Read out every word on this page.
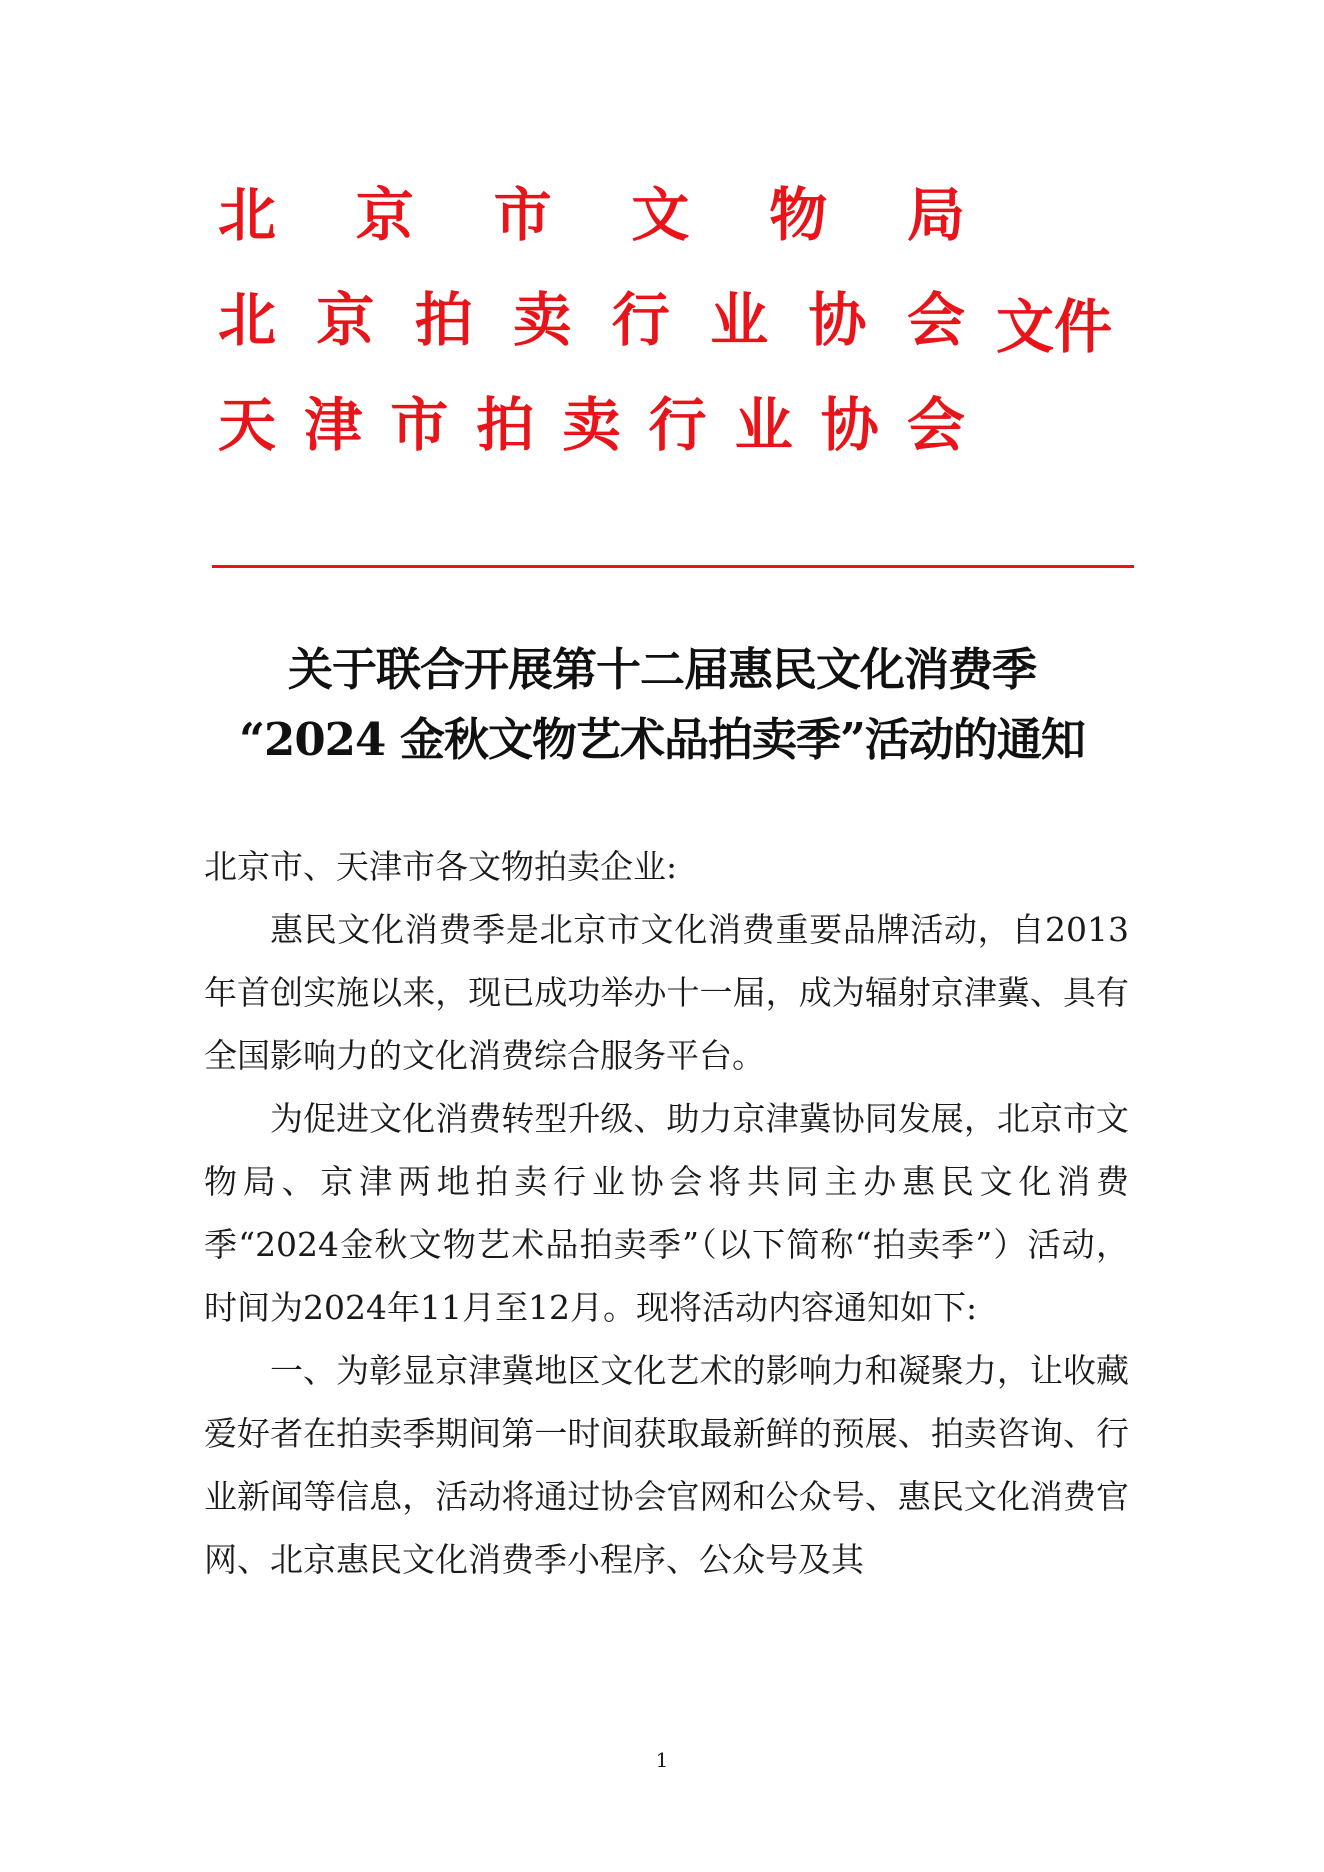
北 京 市 文 物 局
北 京 拍 卖 行 业 协 会
天 津 市 拍 卖 行 业 协 会
文件
关于联合开展第十二届惠民文化消费季
“2024 金秋文物艺术品拍卖季”活动的通知

北京市、天津市各文物拍卖企业:

惠民文化消费季是北京市文化消费重要品牌活动，自2013年首创实施以来，现已成功举办十一届，成为辐射京津冀、具有全国影响力的文化消费综合服务平台。

为促进文化消费转型升级、助力京津冀协同发展，北京市文物局、京津两地拍卖行业协会将共同主办惠民文化消费季“2024金秋文物艺术品拍卖季”（以下简称“拍卖季”）活动，时间为2024年11月至12月。现将活动内容通知如下:

一、为彰显京津冀地区文化艺术的影响力和凝聚力，让收藏爱好者在拍卖季期间第一时间获取最新鲜的预展、拍卖咨询、行业新闻等信息，活动将通过协会官网和公众号、惠民文化消费官网、北京惠民文化消费季小程序、公众号及其

1
